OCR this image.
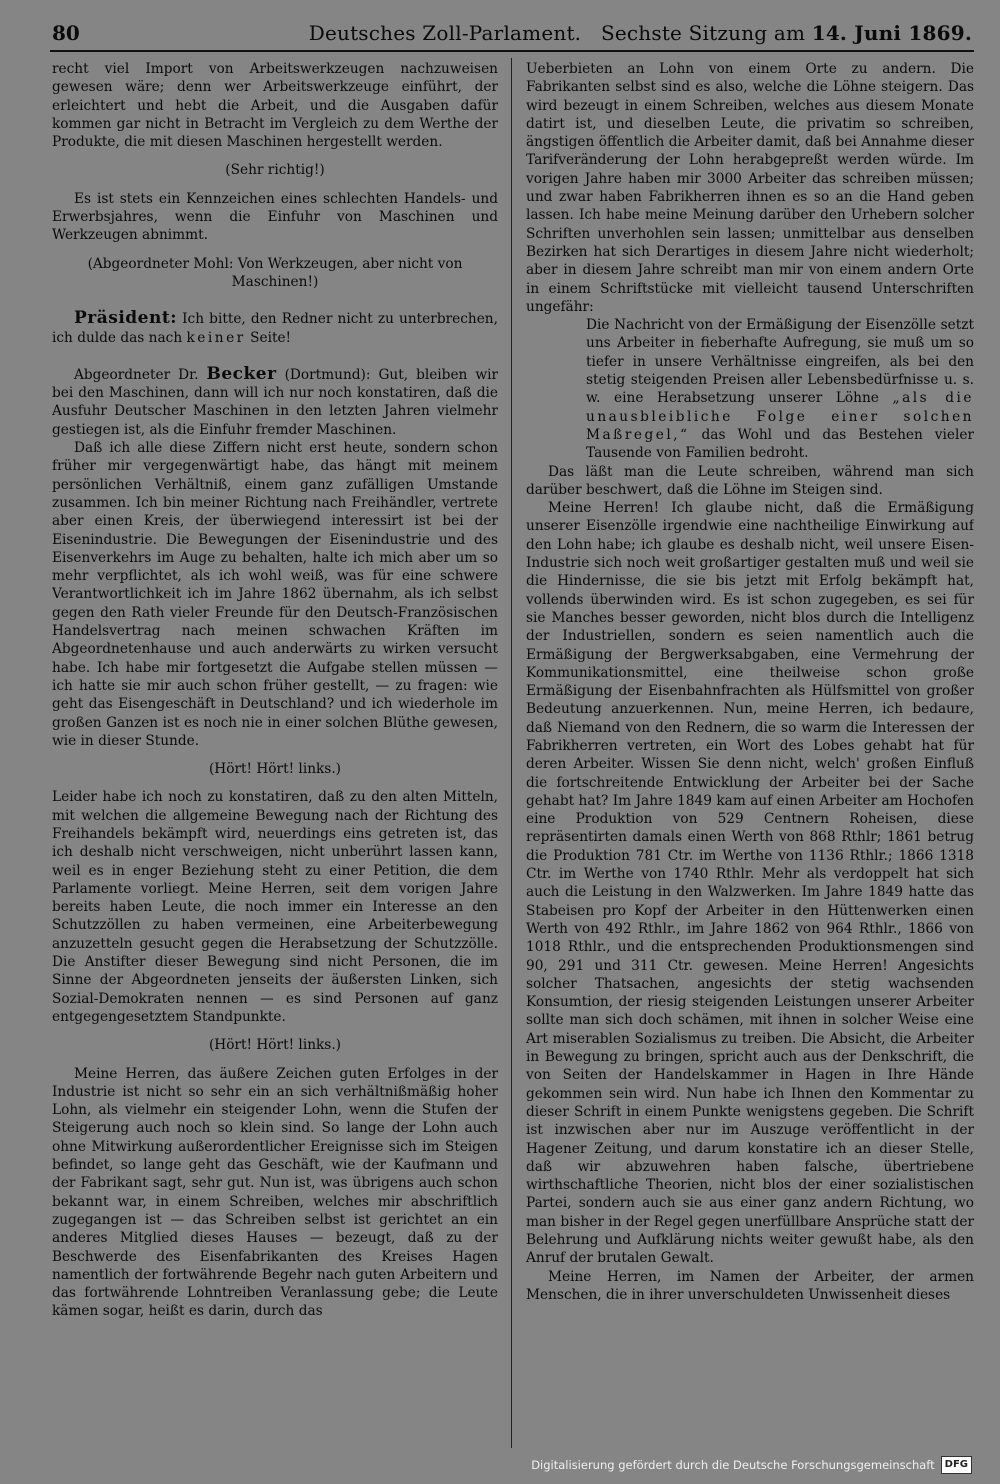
80	Deutsches Zoll-Parlament. Sechste Sitzung am 14. Juni 1869.

recht viel Import von Arbeitswerkzeugen nachzuweisen gewesen wäre; denn wer Arbeitswerkzeuge einführt, der erleichtert und hebt die Arbeit, und die Ausgaben dafür kommen gar nicht in Betracht im Vergleich zu dem Werthe der Produkte, die mit diesen Maschinen hergestellt werden.

(Sehr richtig!)

Es ist stets ein Kennzeichen eines schlechten Handels- und Erwerbsjahres, wenn die Einfuhr von Maschinen und Werkzeugen abnimmt.

(Abgeordneter Mohl: Von Werkzeugen, aber nicht von Maschinen!)

Präsident: Ich bitte, den Redner nicht zu unterbrechen, ich dulde das nach keiner Seite!

Abgeordneter Dr. Becker (Dortmund): Gut, bleiben wir bei den Maschinen, dann will ich nur noch konstatiren, daß die Ausfuhr Deutscher Maschinen in den letzten Jahren vielmehr gestiegen ist, als die Einfuhr fremder Maschinen.

Daß ich alle diese Ziffern nicht erst heute, sondern schon früher mir vergegenwärtigt habe, das hängt mit meinem persönlichen Verhältniß, einem ganz zufälligen Umstande zusammen. Ich bin meiner Richtung nach Freihändler, vertrete aber einen Kreis, der überwiegend interessirt ist bei der Eisenindustrie. Die Bewegungen der Eisenindustrie und des Eisenverkehrs im Auge zu behalten, halte ich mich aber um so mehr verpflichtet, als ich wohl weiß, was für eine schwere Verantwortlichkeit ich im Jahre 1862 übernahm, als ich selbst gegen den Rath vieler Freunde für den Deutsch-Französischen Handelsvertrag nach meinen schwachen Kräften im Abgeordnetenhause und auch anderwärts zu wirken versucht habe. Ich habe mir fortgesetzt die Aufgabe stellen müssen — ich hatte sie mir auch schon früher gestellt, — zu fragen: wie geht das Eisengeschäft in Deutschland? und ich wiederhole im großen Ganzen ist es noch nie in einer solchen Blüthe gewesen, wie in dieser Stunde.

(Hört! Hört! links.)

Leider habe ich noch zu konstatiren, daß zu den alten Mitteln, mit welchen die allgemeine Bewegung nach der Richtung des Freihandels bekämpft wird, neuerdings eins getreten ist, das ich deshalb nicht verschweigen, nicht unberührt lassen kann, weil es in enger Beziehung steht zu einer Petition, die dem Parlamente vorliegt. Meine Herren, seit dem vorigen Jahre bereits haben Leute, die noch immer ein Interesse an den Schutzzöllen zu haben vermeinen, eine Arbeiterbewegung anzuzetteln gesucht gegen die Herabsetzung der Schutzzölle. Die Anstifter dieser Bewegung sind nicht Personen, die im Sinne der Abgeordneten jenseits der äußersten Linken, sich Sozial-Demokraten nennen — es sind Personen auf ganz entgegengesetztem Standpunkte.

(Hört! Hört! links.)

Meine Herren, das äußere Zeichen guten Erfolges in der Industrie ist nicht so sehr ein an sich verhältnißmäßig hoher Lohn, als vielmehr ein steigender Lohn, wenn die Stufen der Steigerung auch noch so klein sind. So lange der Lohn auch ohne Mitwirkung außerordentlicher Ereignisse sich im Steigen befindet, so lange geht das Geschäft, wie der Kaufmann und der Fabrikant sagt, sehr gut. Nun ist, was übrigens auch schon bekannt war, in einem Schreiben, welches mir abschriftlich zugegangen ist — das Schreiben selbst ist gerichtet an ein anderes Mitglied dieses Hauses — bezeugt, daß zu der Beschwerde des Eisenfabrikanten des Kreises Hagen namentlich der fortwährende Begehr nach guten Arbeitern und das fortwährende Lohntreiben Veranlassung gebe; die Leute kämen sogar, heißt es darin, durch das

Ueberbieten an Lohn von einem Orte zu andern. Die Fabrikanten selbst sind es also, welche die Löhne steigern. Das wird bezeugt in einem Schreiben, welches aus diesem Monate datirt ist, und dieselben Leute, die privatim so schreiben, ängstigen öffentlich die Arbeiter damit, daß bei Annahme dieser Tarifveränderung der Lohn herabgepreßt werden würde. Im vorigen Jahre haben mir 3000 Arbeiter das schreiben müssen; und zwar haben Fabrikherren ihnen es so an die Hand geben lassen. Ich habe meine Meinung darüber den Urhebern solcher Schriften unverhohlen sein lassen; unmittelbar aus denselben Bezirken hat sich Derartiges in diesem Jahre nicht wiederholt; aber in diesem Jahre schreibt man mir von einem andern Orte in einem Schriftstücke mit vielleicht tausend Unterschriften ungefähr:

Die Nachricht von der Ermäßigung der Eisenzölle setzt uns Arbeiter in fieberhafte Aufregung, sie muß um so tiefer in unsere Verhältnisse eingreifen, als bei den stetig steigenden Preisen aller Lebensbedürfnisse u. s. w. eine Herabsetzung unserer Löhne „als die unausbleibliche Folge einer solchen Maßregel,“ das Wohl und das Bestehen vieler Tausende von Familien bedroht.

Das läßt man die Leute schreiben, während man sich darüber beschwert, daß die Löhne im Steigen sind.

Meine Herren! Ich glaube nicht, daß die Ermäßigung unserer Eisenzölle irgendwie eine nachtheilige Einwirkung auf den Lohn habe; ich glaube es deshalb nicht, weil unsere Eisen-Industrie sich noch weit großartiger gestalten muß und weil sie die Hindernisse, die sie bis jetzt mit Erfolg bekämpft hat, vollends überwinden wird. Es ist schon zugegeben, es sei für sie Manches besser geworden, nicht blos durch die Intelligenz der Industriellen, sondern es seien namentlich auch die Ermäßigung der Bergwerksabgaben, eine Vermehrung der Kommunikationsmittel, eine theilweise schon große Ermäßigung der Eisenbahnfrachten als Hülfsmittel von großer Bedeutung anzuerkennen. Nun, meine Herren, ich bedaure, daß Niemand von den Rednern, die so warm die Interessen der Fabrikherren vertreten, ein Wort des Lobes gehabt hat für deren Arbeiter. Wissen Sie denn nicht, welch' großen Einfluß die fortschreitende Entwicklung der Arbeiter bei der Sache gehabt hat? Im Jahre 1849 kam auf einen Arbeiter am Hochofen eine Produktion von 529 Centnern Roheisen, diese repräsentirten damals einen Werth von 868 Rthlr; 1861 betrug die Produktion 781 Ctr. im Werthe von 1136 Rthlr.; 1866 1318 Ctr. im Werthe von 1740 Rthlr. Mehr als verdoppelt hat sich auch die Leistung in den Walzwerken. Im Jahre 1849 hatte das Stabeisen pro Kopf der Arbeiter in den Hüttenwerken einen Werth von 492 Rthlr., im Jahre 1862 von 964 Rthlr., 1866 von 1018 Rthlr., und die entsprechenden Produktionsmengen sind 90, 291 und 311 Ctr. gewesen. Meine Herren! Angesichts solcher Thatsachen, angesichts der stetig wachsenden Konsumtion, der riesig steigenden Leistungen unserer Arbeiter sollte man sich doch schämen, mit ihnen in solcher Weise eine Art miserablen Sozialismus zu treiben. Die Absicht, die Arbeiter in Bewegung zu bringen, spricht auch aus der Denkschrift, die von Seiten der Handelskammer in Hagen in Ihre Hände gekommen sein wird. Nun habe ich Ihnen den Kommentar zu dieser Schrift in einem Punkte wenigstens gegeben. Die Schrift ist inzwischen aber nur im Auszuge veröffentlicht in der Hagener Zeitung, und darum konstatire ich an dieser Stelle, daß wir abzuwehren haben falsche, übertriebene wirthschaftliche Theorien, nicht blos der einer sozialistischen Partei, sondern auch sie aus einer ganz andern Richtung, wo man bisher in der Regel gegen unerfüllbare Ansprüche statt der Belehrung und Aufklärung nichts weiter gewußt habe, als den Anruf der brutalen Gewalt.

Meine Herren, im Namen der Arbeiter, der armen Menschen, die in ihrer unverschuldeten Unwissenheit dieses

Digitalisierung gefördert durch die Deutsche Forschungsgemeinschaft	DFG
